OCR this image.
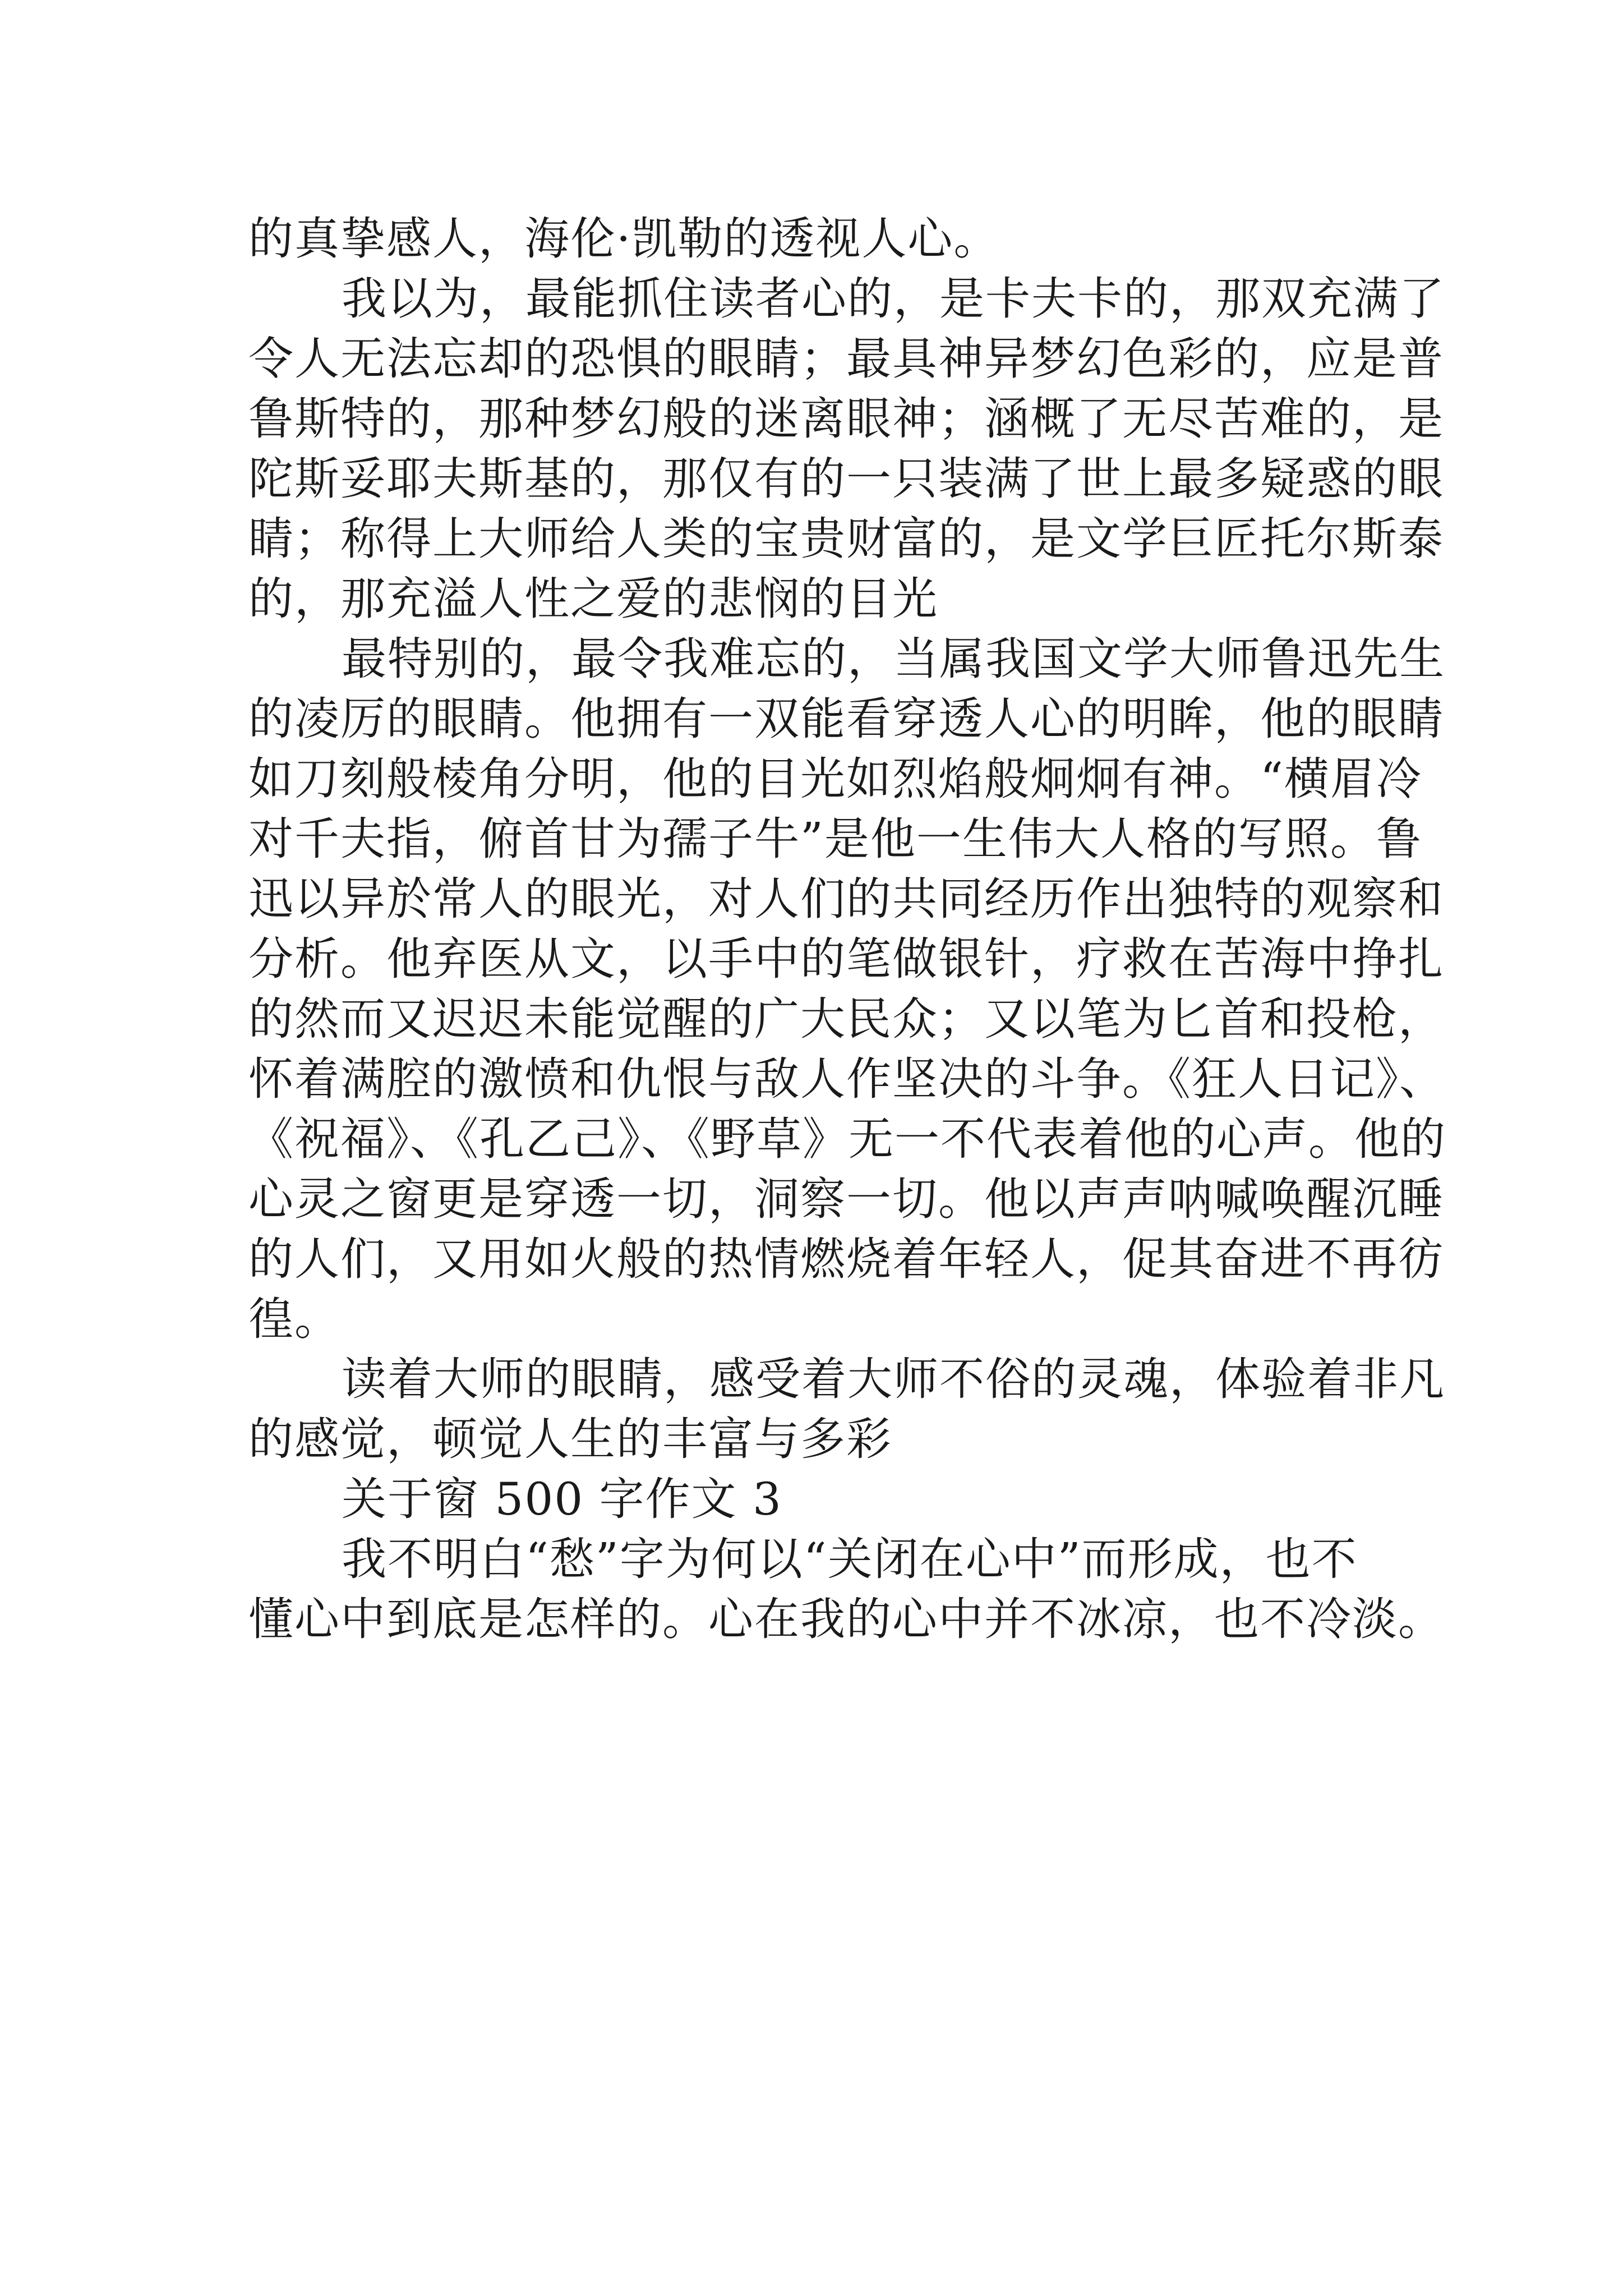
的真挚感人，海伦·凯勒的透视人心。
我以为，最能抓住读者心的，是卡夫卡的，那双充满了
令人无法忘却的恐惧的眼睛；最具神异梦幻色彩的，应是普
鲁斯特的，那种梦幻般的迷离眼神；涵概了无尽苦难的，是
陀斯妥耶夫斯基的，那仅有的一只装满了世上最多疑惑的眼
睛；称得上大师给人类的宝贵财富的，是文学巨匠托尔斯泰
的，那充溢人性之爱的悲悯的目光
最特别的，最令我难忘的，当属我国文学大师鲁迅先生
的凌厉的眼睛。他拥有一双能看穿透人心的明眸，他的眼睛
如刀刻般棱角分明，他的目光如烈焰般炯炯有神。“横眉冷
对千夫指，俯首甘为孺子牛”是他一生伟大人格的写照。鲁
迅以异於常人的眼光，对人们的共同经历作出独特的观察和
分析。他弃医从文，以手中的笔做银针，疗救在苦海中挣扎
的然而又迟迟未能觉醒的广大民众；又以笔为匕首和投枪，
怀着满腔的激愤和仇恨与敌人作坚决的斗争。《狂人日记》、
《祝福》、《孔乙己》、《野草》无一不代表着他的心声。他的
心灵之窗更是穿透一切，洞察一切。他以声声呐喊唤醒沉睡
的人们，又用如火般的热情燃烧着年轻人，促其奋进不再彷
徨。
读着大师的眼睛，感受着大师不俗的灵魂，体验着非凡
的感觉，顿觉人生的丰富与多彩
关于窗 500 字作文 3
我不明白“愁”字为何以“关闭在心中”而形成，也不
懂心中到底是怎样的。心在我的心中并不冰凉，也不冷淡。
